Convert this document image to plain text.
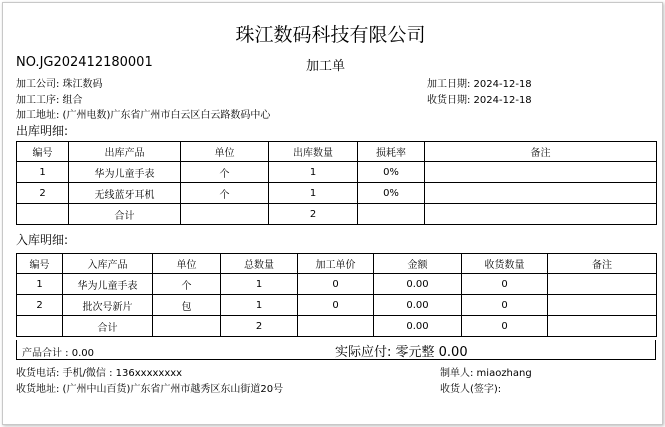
珠江数码科技有限公司
NO.JG202412180001	加工单
加工公司: 珠江数码
加工工序: 组合
加工地址: (广州电数)广东省广州市白云区白云路数码中心
加工日期: 2024-12-18
收货日期: 2024-12-18
出库明细:
编号	出库产品	单位	出库数量	损耗率	备注
1	华为儿童手表	个	1	0%	
2	无线蓝牙耳机	个	1	0%	
	合计		2		
入库明细:
编号	入库产品	单位	总数量	加工单价	金额	收货数量	备注
1	华为儿童手表	个	1	0	0.00	0	
2	批次号新片	包	1	0	0.00	0	
	合计		2		0.00	0	
产品合计 : 0.00	实际应付: 零元整 0.00
收货电话: 手机/微信 : 136xxxxxxxx
收货地址: (广州中山百货)广东省广州市越秀区东山街道20号
制单人: miaozhang
收货人(签字):
